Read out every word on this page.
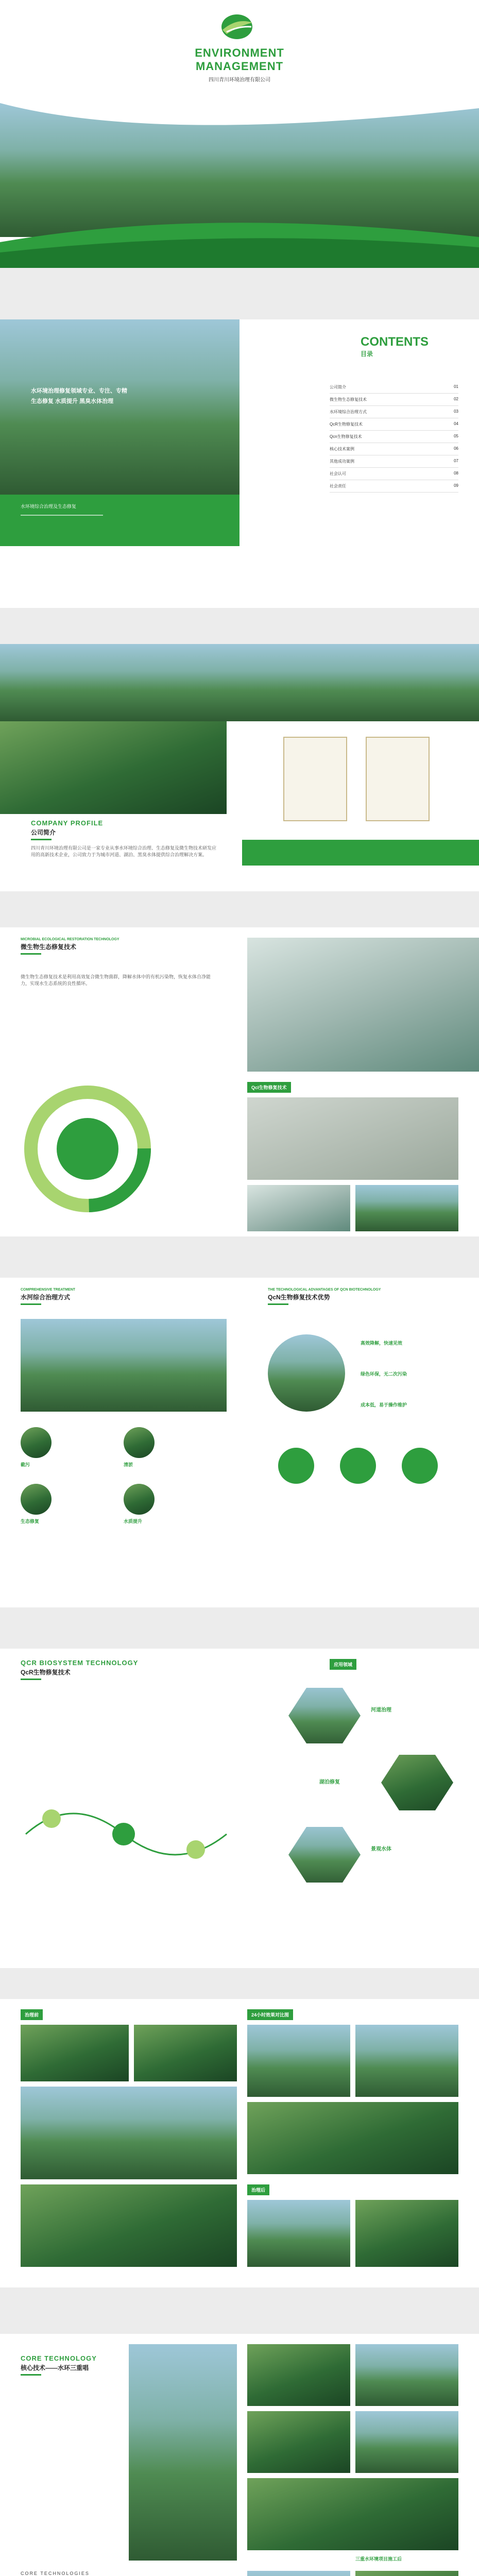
ENVIRONMENT
MANAGEMENT
四川青川环境治理有限公司
水环境治理修复领域专业、专注、专精
生态修复 水质提升 黑臭水体治理
水环境综合治理及生态修复
CONTENTS
目录
公司简介	01
微生物生态修复技术	02
水环境综合治理方式	03
QcR生物修复技术	04
Qcn生物修复技术	05
核心技术案例	06
其他成功案例	07
社会认可	08
社会责任	09
COMPANY PROFILE
公司简介
四川青川环境治理有限公司是一家专业从事水环境综合治理、生态修复及微生物技术研发应用的高新技术企业，公司致力于为城市河道、湖泊、黑臭水体提供综合治理解决方案。
MICROBIAL ECOLOGICAL RESTORATION TECHNOLOGY
微生物生态修复技术
微生物生态修复技术是利用高效复合微生物菌群，降解水体中的有机污染物，恢复水体自净能力，实现水生态系统的良性循环。
Qcl生物修复技术
COMPREHENSIVE TREATMENT
水河综合治理方式
截污	清淤
生态修复	水质提升
THE TECHNOLOGICAL ADVANTAGES OF QCN BIOTECHNOLOGY
QcN生物修复技术优势
高效降解，快速见效
绿色环保，无二次污染
成本低，易于操作维护
QCR BIOSYSTEM TECHNOLOGY
QcR生物修复技术
应用领域
河道治理
湖泊修复
景观水体
治理前	24小时效果对比图
治理后
CORE TECHNOLOGY
核心技术——水环三重唱
CORE TECHNOLOGIES
三重水环境项目施工后
